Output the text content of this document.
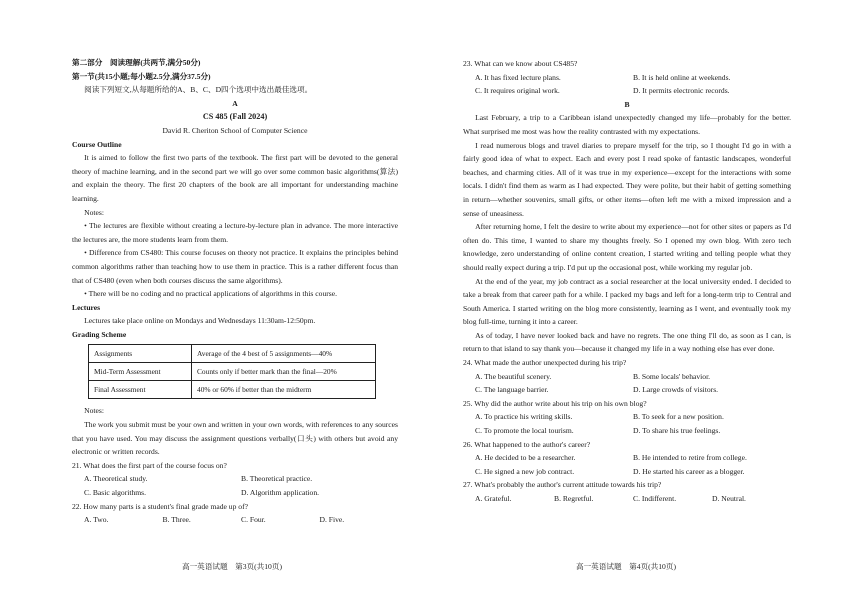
第二部分　阅读理解(共两节,满分50分)

第一节(共15小题;每小题2.5分,满分37.5分)

阅读下列短文,从每题所给的A、B、C、D四个选项中选出最佳选项。

A

CS 485 (Fall 2024)

David R. Cheriton School of Computer Science

Course Outline

It is aimed to follow the first two parts of the textbook. The first part will be devoted to the general theory of machine learning, and in the second part we will go over some common basic algorithms(算法) and explain the theory. The first 20 chapters of the book are all important for understanding machine learning.

Notes:

• The lectures are flexible without creating a lecture-by-lecture plan in advance. The more interactive the lectures are, the more students learn from them.

• Difference from CS480: This course focuses on theory not practice. It explains the principles behind common algorithms rather than teaching how to use them in practice. This is a rather different focus than that of CS480 (even when both courses discuss the same algorithms).

• There will be no coding and no practical applications of algorithms in this course.

Lectures

Lectures take place online on Mondays and Wednesdays 11:30am-12:50pm.

Grading Scheme

Assignments	Average of the 4 best of 5 assignments—40%
Mid-Term Assessment	Counts only if better mark than the final—20%
Final Assessment	40% or 60% if better than the midterm

Notes:

The work you submit must be your own and written in your own words, with references to any sources that you have used. You may discuss the assignment questions verbally(口头) with others but avoid any electronic or written records.

21. What does the first part of the course focus on?

A. Theoretical study.	B. Theoretical practice.
C. Basic algorithms.	D. Algorithm application.

22. How many parts is a student's final grade made up of?

A. Two.	B. Three.	C. Four.	D. Five.

23. What can we know about CS485?

A. It has fixed lecture plans.	B. It is held online at weekends.
C. It requires original work.	D. It permits electronic records.

B

Last February, a trip to a Caribbean island unexpectedly changed my life—probably for the better. What surprised me most was how the reality contrasted with my expectations.

I read numerous blogs and travel diaries to prepare myself for the trip, so I thought I'd go in with a fairly good idea of what to expect. Each and every post I read spoke of fantastic landscapes, wonderful beaches, and charming cities. All of it was true in my experience—except for the interactions with some locals. I didn't find them as warm as I had expected. They were polite, but their habit of getting something in return—whether souvenirs, small gifts, or other items—often left me with a mixed impression and a sense of uneasiness.

After returning home, I felt the desire to write about my experience—not for other sites or papers as I'd often do. This time, I wanted to share my thoughts freely. So I opened my own blog. With zero tech knowledge, zero understanding of online content creation, I started writing and telling people what they should really expect during a trip. I'd put up the occasional post, while working my regular job.

At the end of the year, my job contract as a social researcher at the local university ended. I decided to take a break from that career path for a while. I packed my bags and left for a long-term trip to Central and South America. I started writing on the blog more consistently, learning as I went, and eventually took my blog full-time, turning it into a career.

As of today, I have never looked back and have no regrets. The one thing I'll do, as soon as I can, is return to that island to say thank you—because it changed my life in a way nothing else has ever done.

24. What made the author unexpected during his trip?

A. The beautiful scenery.	B. Some locals' behavior.
C. The language barrier.	D. Large crowds of visitors.

25. Why did the author write about his trip on his own blog?

A. To practice his writing skills.	B. To seek for a new position.
C. To promote the local tourism.	D. To share his true feelings.

26. What happened to the author's career?

A. He decided to be a researcher.	B. He intended to retire from college.
C. He signed a new job contract.	D. He started his career as a blogger.

27. What's probably the author's current attitude towards his trip?

A. Grateful.	B. Regretful.	C. Indifferent.	D. Neutral.
高一英语试题　第3页(共10页)	高一英语试题　第4页(共10页)
